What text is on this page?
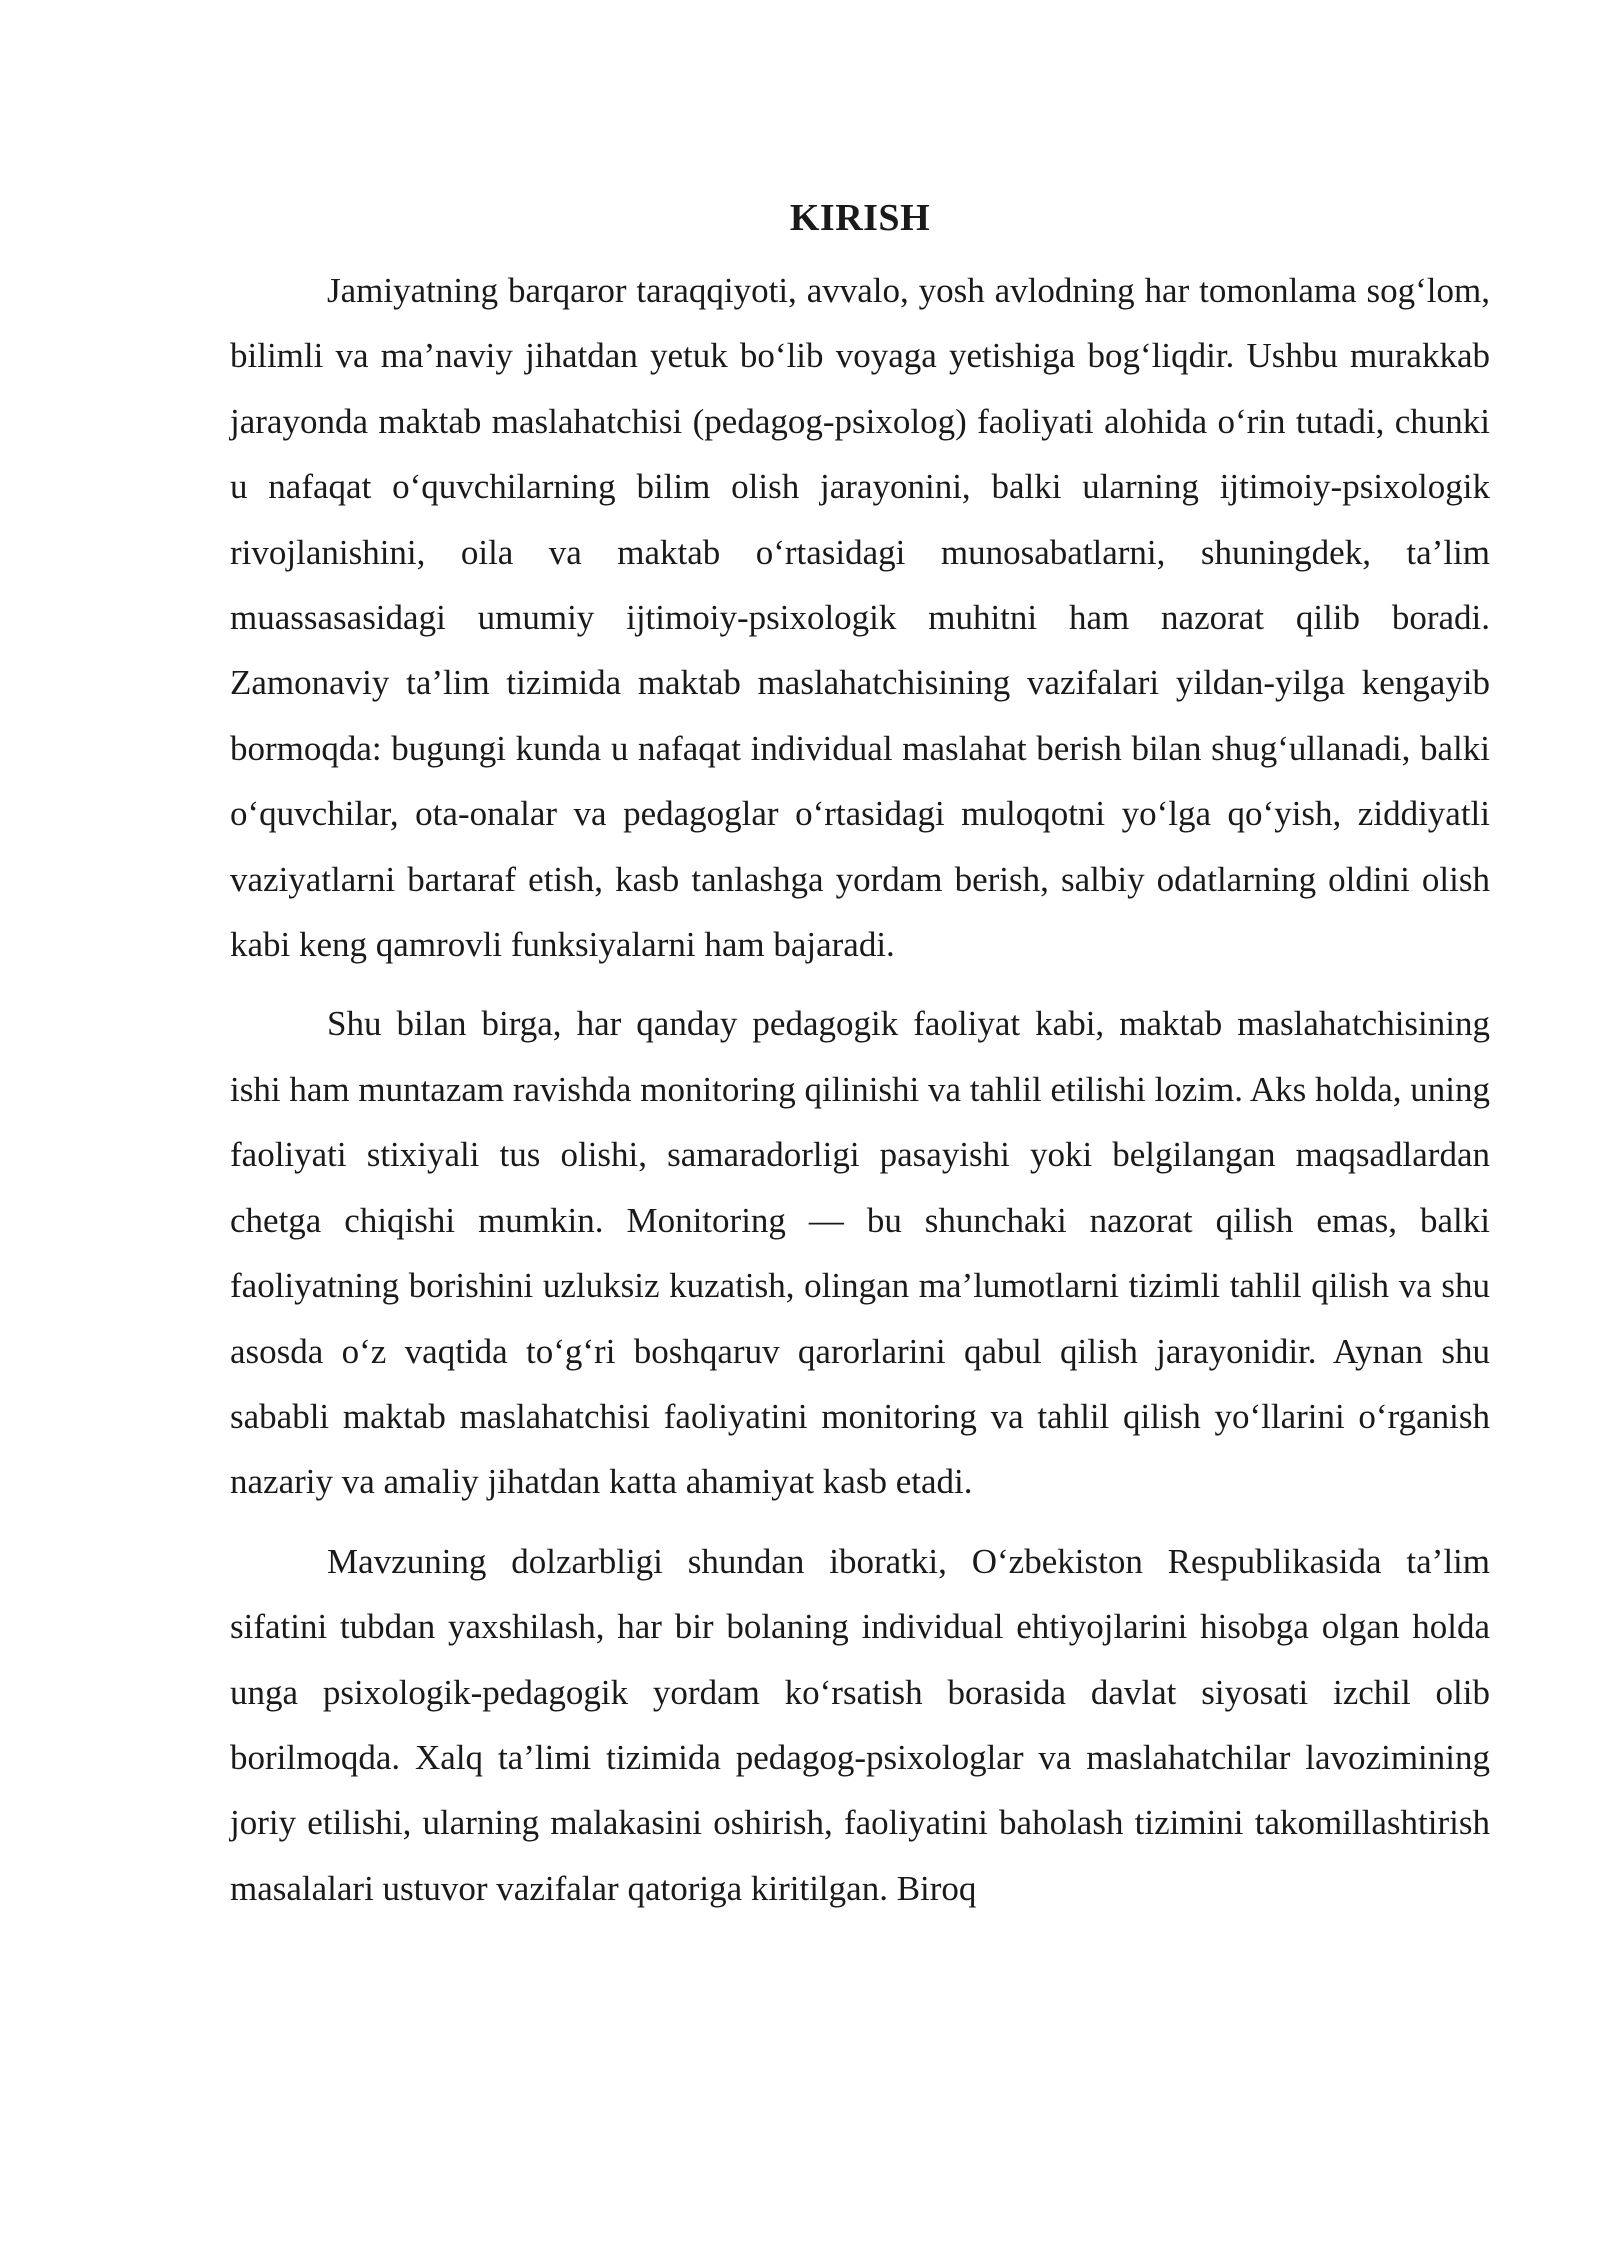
KIRISH

Jamiyatning barqaror taraqqiyoti, avvalo, yosh avlodning har tomonlama sog‘lom, bilimli va ma’naviy jihatdan yetuk bo‘lib voyaga yetishiga bog‘liqdir. Ushbu murakkab jarayonda maktab maslahatchisi (pedagog-psixolog) faoliyati alohida o‘rin tutadi, chunki u nafaqat o‘quvchilarning bilim olish jarayonini, balki ularning ijtimoiy-psixologik rivojlanishini, oila va maktab o‘rtasidagi munosabatlarni, shuningdek, ta’lim muassasasidagi umumiy ijtimoiy-psixologik muhitni ham nazorat qilib boradi. Zamonaviy ta’lim tizimida maktab maslahatchisining vazifalari yildan-yilga kengayib bormoqda: bugungi kunda u nafaqat individual maslahat berish bilan shug‘ullanadi, balki o‘quvchilar, ota-onalar va pedagoglar o‘rtasidagi muloqotni yo‘lga qo‘yish, ziddiyatli vaziyatlarni bartaraf etish, kasb tanlashga yordam berish, salbiy odatlarning oldini olish kabi keng qamrovli funksiyalarni ham bajaradi.

Shu bilan birga, har qanday pedagogik faoliyat kabi, maktab maslahatchisining ishi ham muntazam ravishda monitoring qilinishi va tahlil etilishi lozim. Aks holda, uning faoliyati stixiyali tus olishi, samaradorligi pasayishi yoki belgilangan maqsadlardan chetga chiqishi mumkin. Monitoring — bu shunchaki nazorat qilish emas, balki faoliyatning borishini uzluksiz kuzatish, olingan ma’lumotlarni tizimli tahlil qilish va shu asosda o‘z vaqtida to‘g‘ri boshqaruv qarorlarini qabul qilish jarayonidir. Aynan shu sababli maktab maslahatchisi faoliyatini monitoring va tahlil qilish yo‘llarini o‘rganish nazariy va amaliy jihatdan katta ahamiyat kasb etadi.

Mavzuning dolzarbligi shundan iboratki, O‘zbekiston Respublikasida ta’lim sifatini tubdan yaxshilash, har bir bolaning individual ehtiyojlarini hisobga olgan holda unga psixologik-pedagogik yordam ko‘rsatish borasida davlat siyosati izchil olib borilmoqda. Xalq ta’limi tizimida pedagog-psixologlar va maslahatchilar lavozimining joriy etilishi, ularning malakasini oshirish, faoliyatini baholash tizimini takomillashtirish masalalari ustuvor vazifalar qatoriga kiritilgan. Biroq
